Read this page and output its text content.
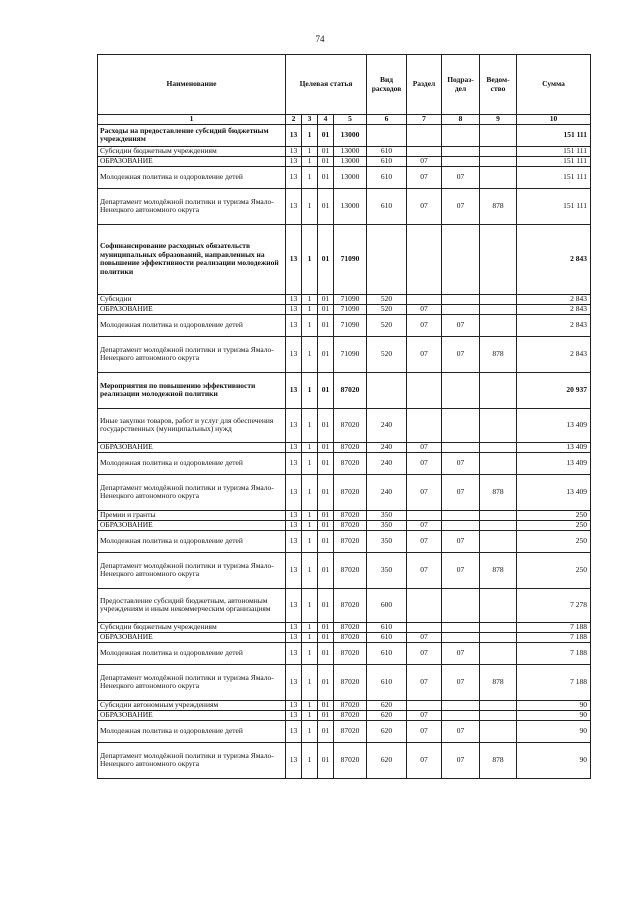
74
Наименование	Целевая статья				Вид расходов	Раздел	Подраз-дел	Ведом-ство	Сумма
1	2	3	4	5	6	7	8	9	10
Расходы на предоставление субсидий бюджетным учреждениям	13	1	01	13000					151 111
Субсидии бюджетным учреждениям	13	1	01	13000	610				151 111
ОБРАЗОВАНИЕ	13	1	01	13000	610	07			151 111
Молодежная политика и оздоровление детей	13	1	01	13000	610	07	07		151 111
Департамент молодёжной политики и туризма Ямало-Ненецкого автономного округа	13	1	01	13000	610	07	07	878	151 111
Софинансирование расходных обязательств муниципальных образований, направленных на повышение эффективности реализации молодежной политики	13	1	01	71090					2 843
Субсидии	13	1	01	71090	520				2 843
ОБРАЗОВАНИЕ	13	1	01	71090	520	07			2 843
Молодежная политика и оздоровление детей	13	1	01	71090	520	07	07		2 843
Департамент молодёжной политики и туризма Ямало-Ненецкого автономного округа	13	1	01	71090	520	07	07	878	2 843
Мероприятия по повышению эффективности реализации молодежной политики	13	1	01	87020					20 937
Иные закупки товаров, работ и услуг для обеспечения государственных (муниципальных) нужд	13	1	01	87020	240				13 409
ОБРАЗОВАНИЕ	13	1	01	87020	240	07			13 409
Молодежная политика и оздоровление детей	13	1	01	87020	240	07	07		13 409
Департамент молодёжной политики и туризма Ямало-Ненецкого автономного округа	13	1	01	87020	240	07	07	878	13 409
Премии и гранты	13	1	01	87020	350				250
ОБРАЗОВАНИЕ	13	1	01	87020	350	07			250
Молодежная политика и оздоровление детей	13	1	01	87020	350	07	07		250
Департамент молодёжной политики и туризма Ямало-Ненецкого автономного округа	13	1	01	87020	350	07	07	878	250
Предоставление субсидий бюджетным, автономным учреждениям и иным некоммерческим организациям	13	1	01	87020	600				7 278
Субсидии бюджетным учреждениям	13	1	01	87020	610				7 188
ОБРАЗОВАНИЕ	13	1	01	87020	610	07			7 188
Молодежная политика и оздоровление детей	13	1	01	87020	610	07	07		7 188
Департамент молодёжной политики и туризма Ямало-Ненецкого автономного округа	13	1	01	87020	610	07	07	878	7 188
Субсидии автономным учреждениям	13	1	01	87020	620				90
ОБРАЗОВАНИЕ	13	1	01	87020	620	07			90
Молодежная политика и оздоровление детей	13	1	01	87020	620	07	07		90
Департамент молодёжной политики и туризма Ямало-Ненецкого автономного округа	13	1	01	87020	620	07	07	878	90
